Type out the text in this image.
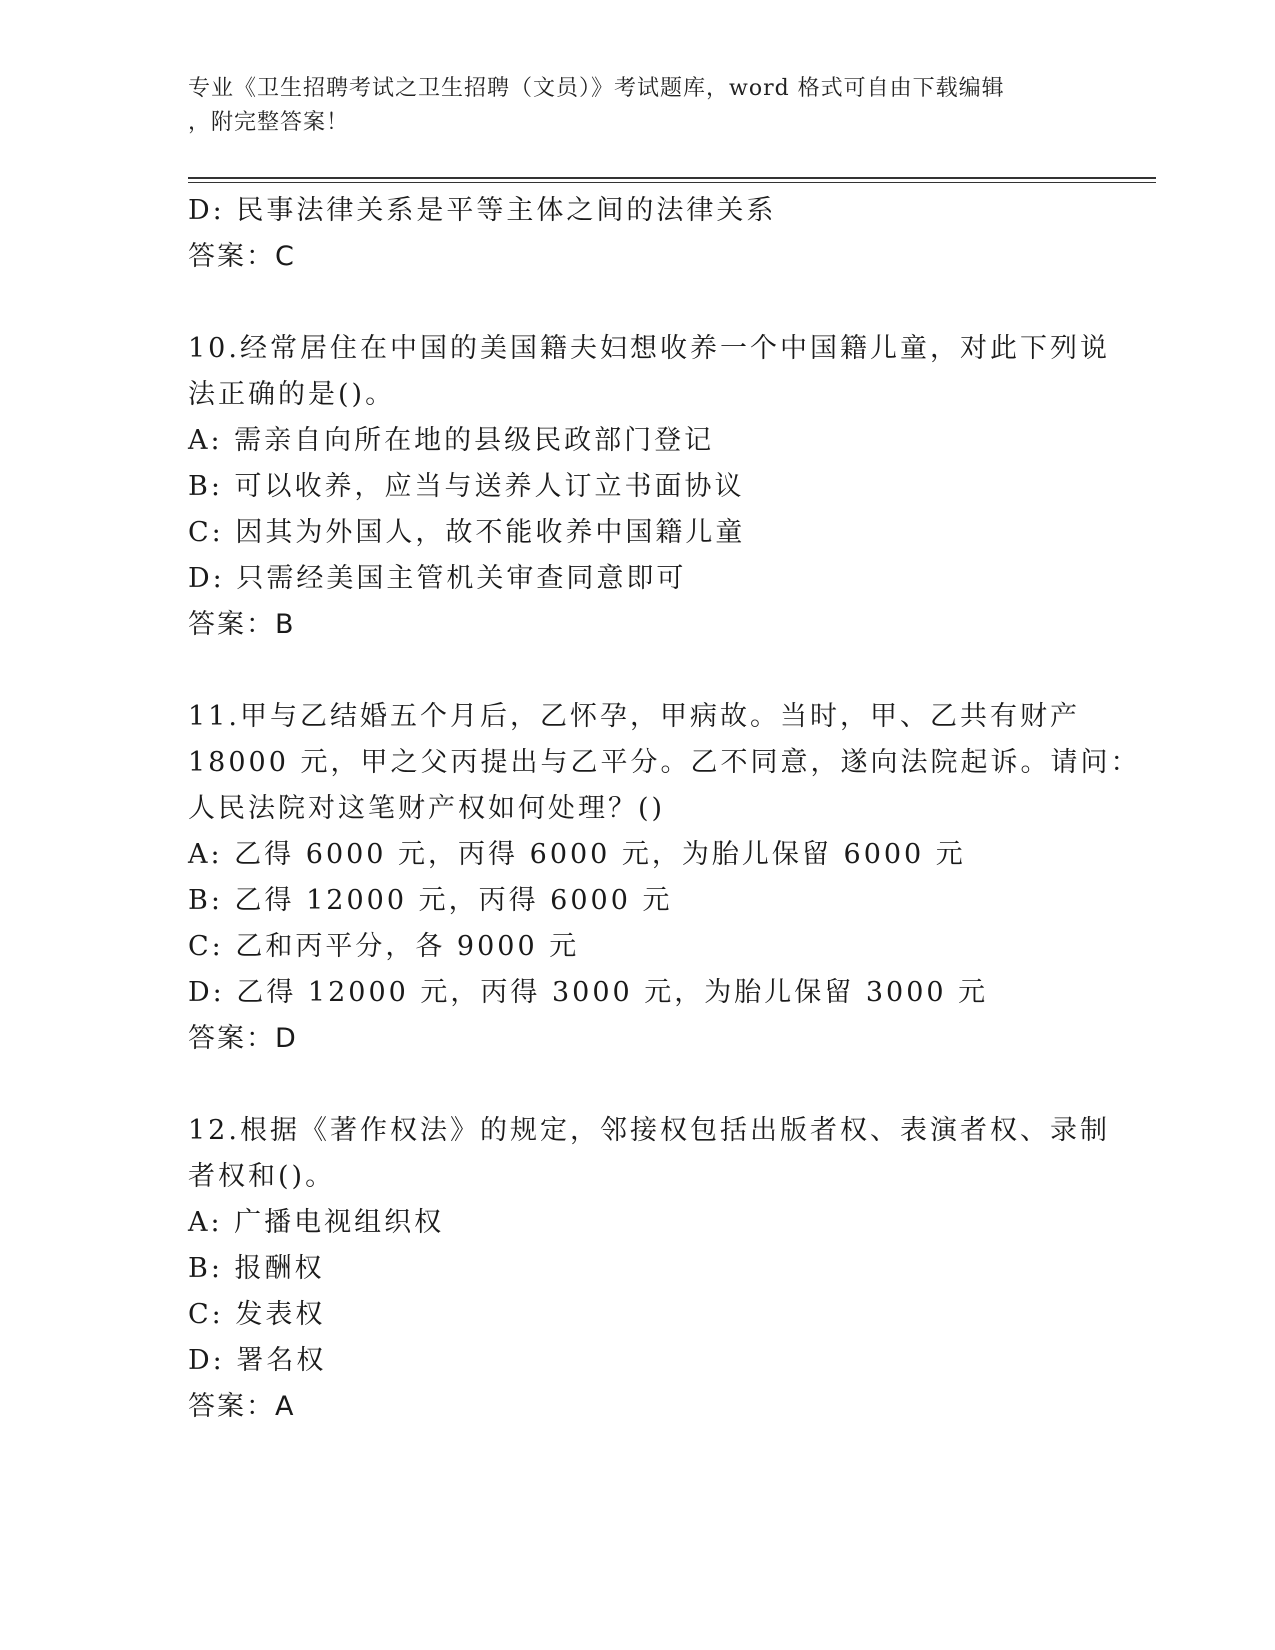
专业《卫生招聘考试之卫生招聘（文员）》考试题库，word 格式可自由下载编辑
，附完整答案！
D: 民事法律关系是平等主体之间的法律关系
答案：C
10.经常居住在中国的美国籍夫妇想收养一个中国籍儿童，对此下列说
法正确的是()。
A: 需亲自向所在地的县级民政部门登记
B: 可以收养，应当与送养人订立书面协议
C: 因其为外国人，故不能收养中国籍儿童
D: 只需经美国主管机关审查同意即可
答案：B
11.甲与乙结婚五个月后，乙怀孕，甲病故。当时，甲、乙共有财产
18000 元，甲之父丙提出与乙平分。乙不同意，遂向法院起诉。请问：
人民法院对这笔财产权如何处理？()
A: 乙得 6000 元，丙得 6000 元，为胎儿保留 6000 元
B: 乙得 12000 元，丙得 6000 元
C: 乙和丙平分，各 9000 元
D: 乙得 12000 元，丙得 3000 元，为胎儿保留 3000 元
答案：D
12.根据《著作权法》的规定，邻接权包括出版者权、表演者权、录制
者权和()。
A: 广播电视组织权
B: 报酬权
C: 发表权
D: 署名权
答案：A
